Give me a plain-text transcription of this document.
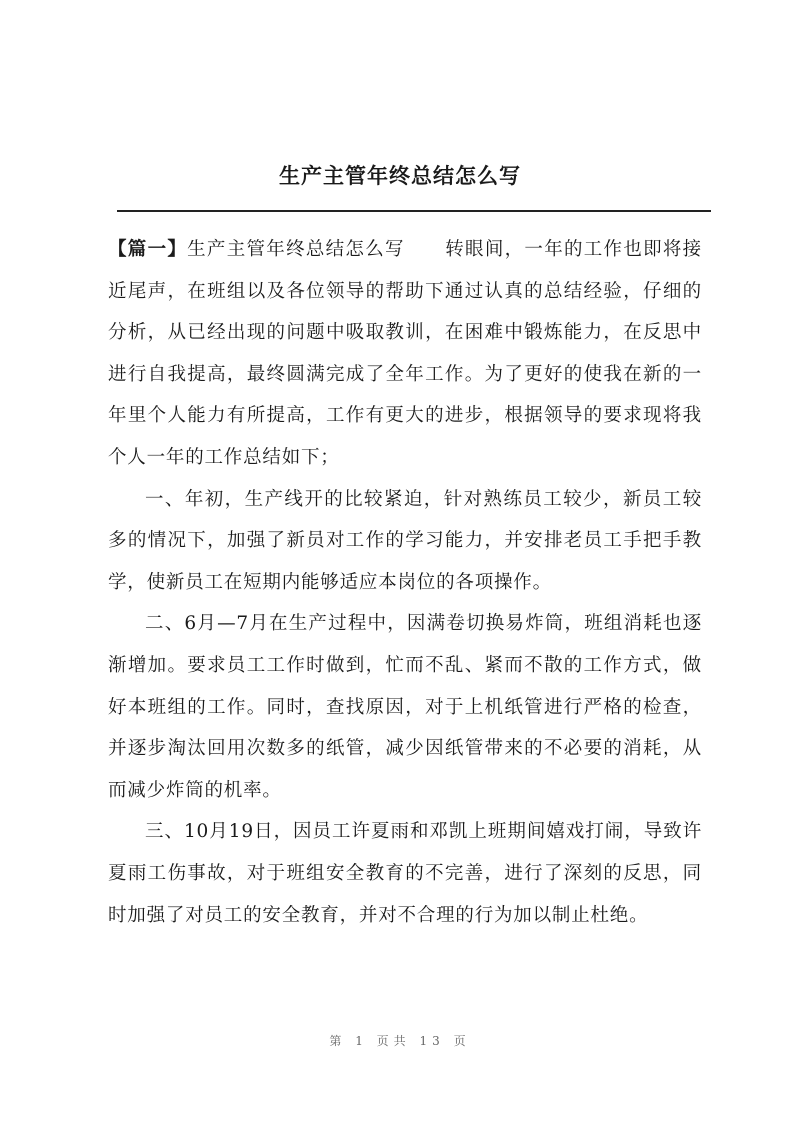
生产主管年终总结怎么写

【篇一】生产主管年终总结怎么写 转眼间，一年的工作也即将接近尾声，在班组以及各位领导的帮助下通过认真的总结经验，仔细的分析，从已经出现的问题中吸取教训，在困难中锻炼能力，在反思中进行自我提高，最终圆满完成了全年工作。为了更好的使我在新的一年里个人能力有所提高，工作有更大的进步，根据领导的要求现将我个人一年的工作总结如下；

一、年初，生产线开的比较紧迫，针对熟练员工较少，新员工较多的情况下，加强了新员对工作的学习能力，并安排老员工手把手教学，使新员工在短期内能够适应本岗位的各项操作。

二、6月—7月在生产过程中，因满卷切换易炸筒，班组消耗也逐渐增加。要求员工工作时做到，忙而不乱、紧而不散的工作方式，做好本班组的工作。同时，查找原因，对于上机纸管进行严格的检查，并逐步淘汰回用次数多的纸管，减少因纸管带来的不必要的消耗，从而减少炸筒的机率。

三、10月19日，因员工许夏雨和邓凯上班期间嬉戏打闹，导致许夏雨工伤事故，对于班组安全教育的不完善，进行了深刻的反思，同时加强了对员工的安全教育，并对不合理的行为加以制止杜绝。

第 1 页共 13 页
